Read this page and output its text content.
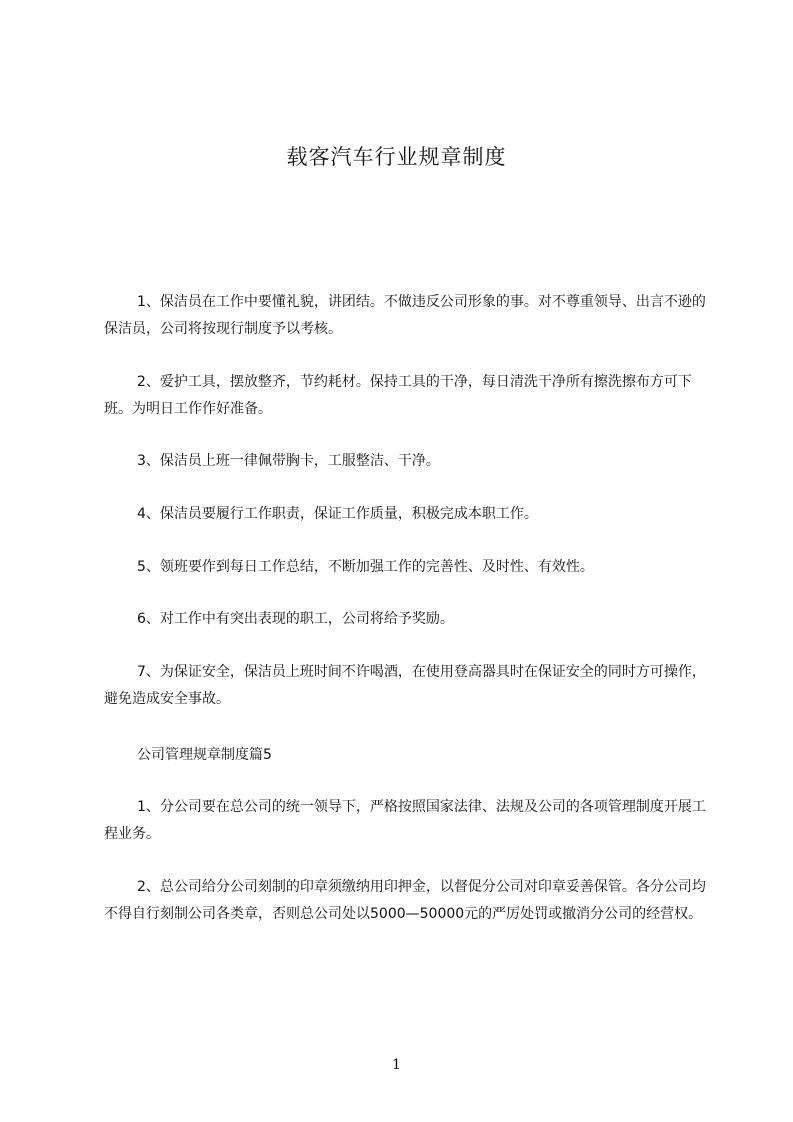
载客汽车行业规章制度

1、保洁员在工作中要懂礼貌，讲团结。不做违反公司形象的事。对不尊重领导、出言不逊的保洁员，公司将按现行制度予以考核。

2、爱护工具，摆放整齐，节约耗材。保持工具的干净，每日清洗干净所有擦洗擦布方可下班。为明日工作作好准备。

3、保洁员上班一律佩带胸卡，工服整洁、干净。

4、保洁员要履行工作职责，保证工作质量，积极完成本职工作。

5、领班要作到每日工作总结，不断加强工作的完善性、及时性、有效性。

6、对工作中有突出表现的职工，公司将给予奖励。

7、为保证安全，保洁员上班时间不许喝酒，在使用登高器具时在保证安全的同时方可操作，避免造成安全事故。

公司管理规章制度篇5

1、分公司要在总公司的统一领导下，严格按照国家法律、法规及公司的各项管理制度开展工程业务。

2、总公司给分公司刻制的印章须缴纳用印押金，以督促分公司对印章妥善保管。各分公司均不得自行刻制公司各类章，否则总公司处以5000—50000元的严厉处罚或撤消分公司的经营权。

1
